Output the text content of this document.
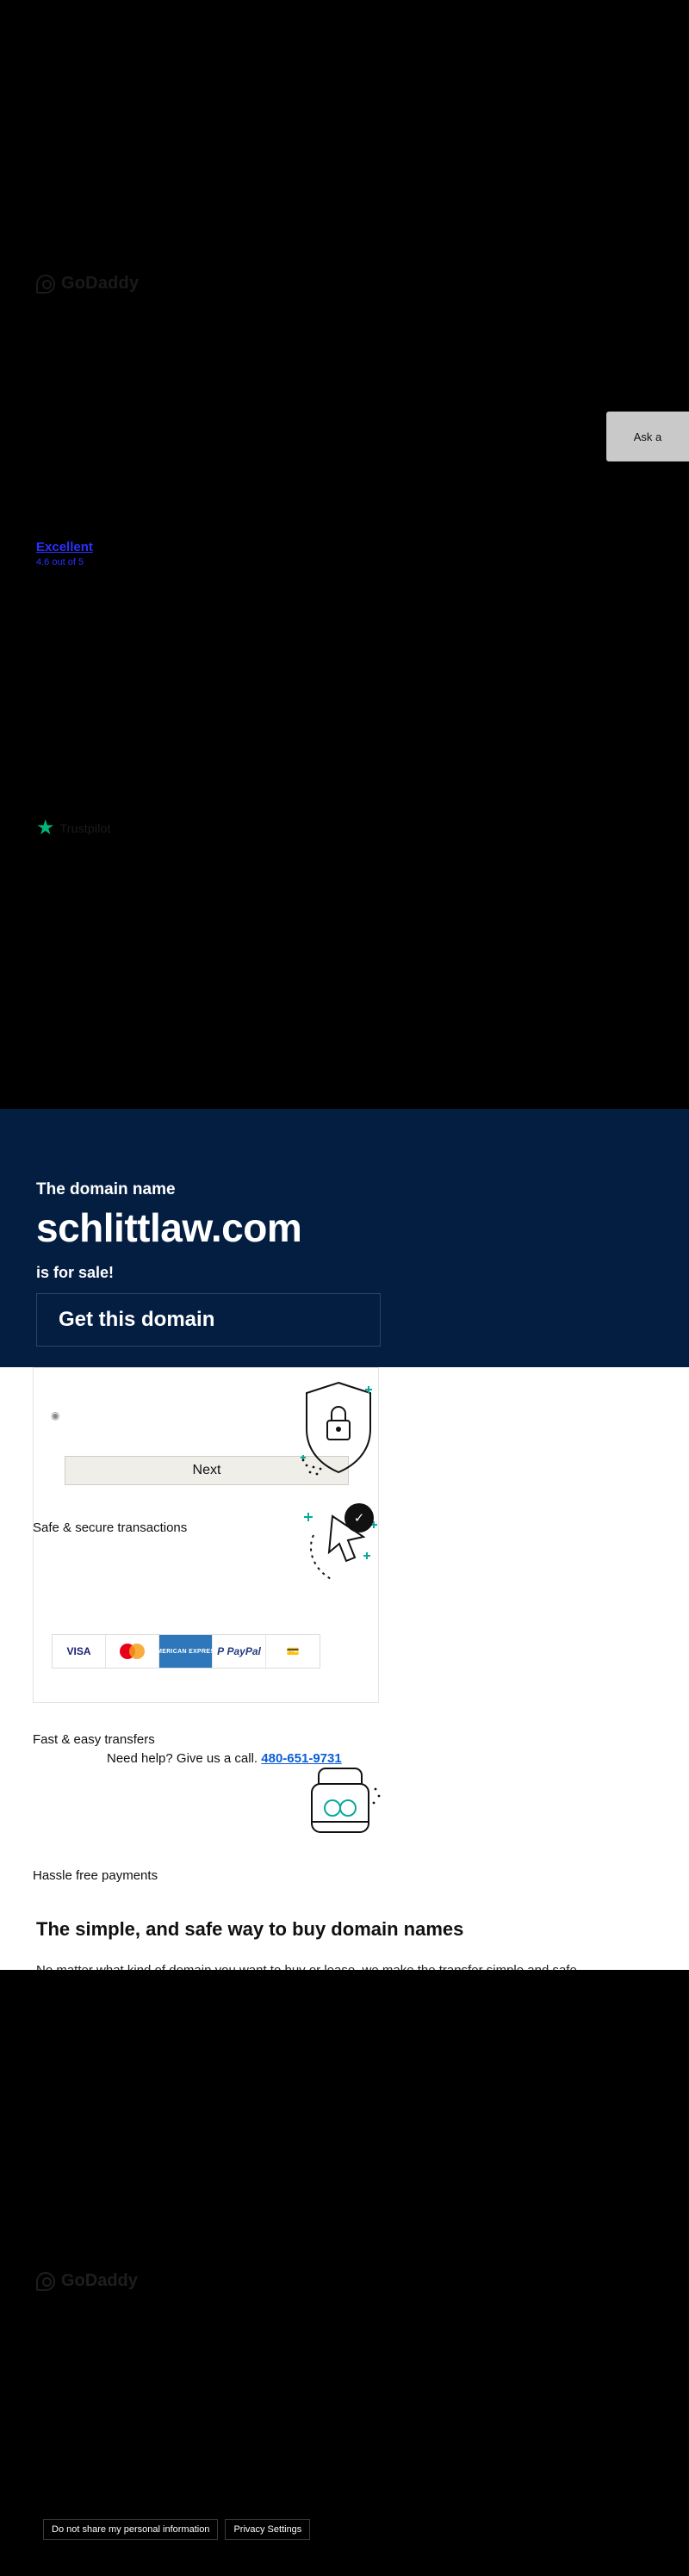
GoDaddy
Ask a
Excellent
4.6 out of 5
★ Trustpilot
The domain name
schlittlaw.com
is for sale!
Get this domain
◉
Next
✓
Safe & secure transactions
VISA	AMERICAN EXPRESS
P PayPal	💳
Fast & easy transfers
Need help? Give us a call. 480-651-9731
Hassle free payments
The simple, and safe way to buy domain names
GoDaddy
Do not share my personal information	Privacy Settings
